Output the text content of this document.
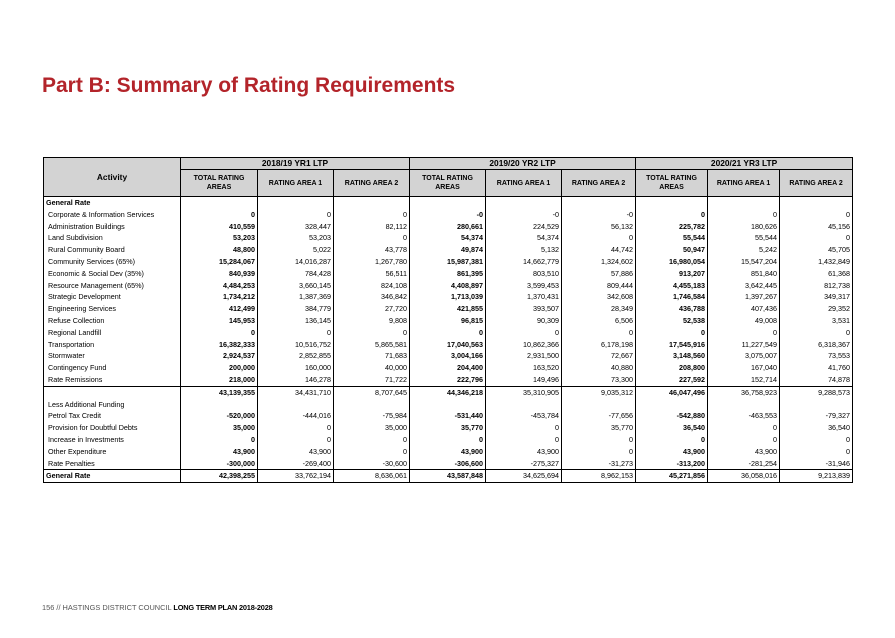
Part B: Summary of Rating Requirements
Activity	2018/19 YR1 LTP			2019/20 YR2 LTP			2020/21 YR3 LTP		
	TOTAL RATING AREAS	RATING AREA 1	RATING AREA 2	TOTAL RATING AREAS	RATING AREA 1	RATING AREA 2	TOTAL RATING AREAS	RATING AREA 1	RATING AREA 2
General Rate									
Corporate & Information Services	0	0	0	-0	-0	-0	0	0	0
Administration Buildings	410,559	328,447	82,112	280,661	224,529	56,132	225,782	180,626	45,156
Land Subdivision	53,203	53,203	0	54,374	54,374	0	55,544	55,544	0
Rural Community Board	48,800	5,022	43,778	49,874	5,132	44,742	50,947	5,242	45,705
Community Services (65%)	15,284,067	14,016,287	1,267,780	15,987,381	14,662,779	1,324,602	16,980,054	15,547,204	1,432,849
Economic & Social Dev (35%)	840,939	784,428	56,511	861,395	803,510	57,886	913,207	851,840	61,368
Resource Management (65%)	4,484,253	3,660,145	824,108	4,408,897	3,599,453	809,444	4,455,183	3,642,445	812,738
Strategic Development	1,734,212	1,387,369	346,842	1,713,039	1,370,431	342,608	1,746,584	1,397,267	349,317
Engineering Services	412,499	384,779	27,720	421,855	393,507	28,349	436,788	407,436	29,352
Refuse Collection	145,953	136,145	9,808	96,815	90,309	6,506	52,538	49,008	3,531
Regional Landfill	0	0	0	0	0	0	0	0	0
Transportation	16,382,333	10,516,752	5,865,581	17,040,563	10,862,366	6,178,198	17,545,916	11,227,549	6,318,367
Stormwater	2,924,537	2,852,855	71,683	3,004,166	2,931,500	72,667	3,148,560	3,075,007	73,553
Contingency Fund	200,000	160,000	40,000	204,400	163,520	40,880	208,800	167,040	41,760
Rate Remissions	218,000	146,278	71,722	222,796	149,496	73,300	227,592	152,714	74,878
	43,139,355	34,431,710	8,707,645	44,346,218	35,310,905	9,035,312	46,047,496	36,758,923	9,288,573
Less Additional Funding									
Petrol Tax Credit	-520,000	-444,016	-75,984	-531,440	-453,784	-77,656	-542,880	-463,553	-79,327
Provision for Doubtful Debts	35,000	0	35,000	35,770	0	35,770	36,540	0	36,540
Increase in Investments	0	0	0	0	0	0	0	0	0
Other Expenditure	43,900	43,900	0	43,900	43,900	0	43,900	43,900	0
Rate Penalties	-300,000	-269,400	-30,600	-306,600	-275,327	-31,273	-313,200	-281,254	-31,946
General Rate	42,398,255	33,762,194	8,636,061	43,587,848	34,625,694	8,962,153	45,271,856	36,058,016	9,213,839
156 // HASTINGS DISTRICT COUNCIL LONG TERM PLAN 2018-2028
